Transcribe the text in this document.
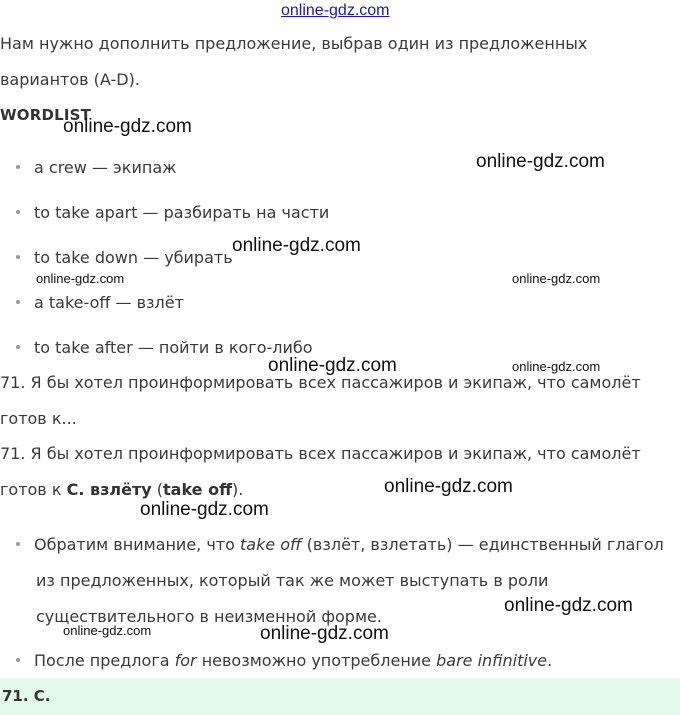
online-gdz.com
Нам нужно дополнить предложение, выбрав один из предложенных
вариантов (A-D).
WORDLIST
a crew — экипаж
to take apart — разбирать на части
to take down — убирать
a take-off — взлёт
to take after — пойти в кого-либо
71. Я бы хотел проинформировать всех пассажиров и экипаж, что самолёт
готов к...
71. Я бы хотел проинформировать всех пассажиров и экипаж, что самолёт
готов к C. взлёту (take off).
Обратим внимание, что take off (взлёт, взлетать) — единственный глагол
из предложенных, который так же может выступать в роли
существительного в неизменной форме.
После предлога for невозможно употребление bare infinitive.
71. C.
online-gdz.com
online-gdz.com
online-gdz.com
online-gdz.com	online-gdz.com
online-gdz.com	online-gdz.com
online-gdz.com
online-gdz.com
online-gdz.com
online-gdz.com	online-gdz.com
